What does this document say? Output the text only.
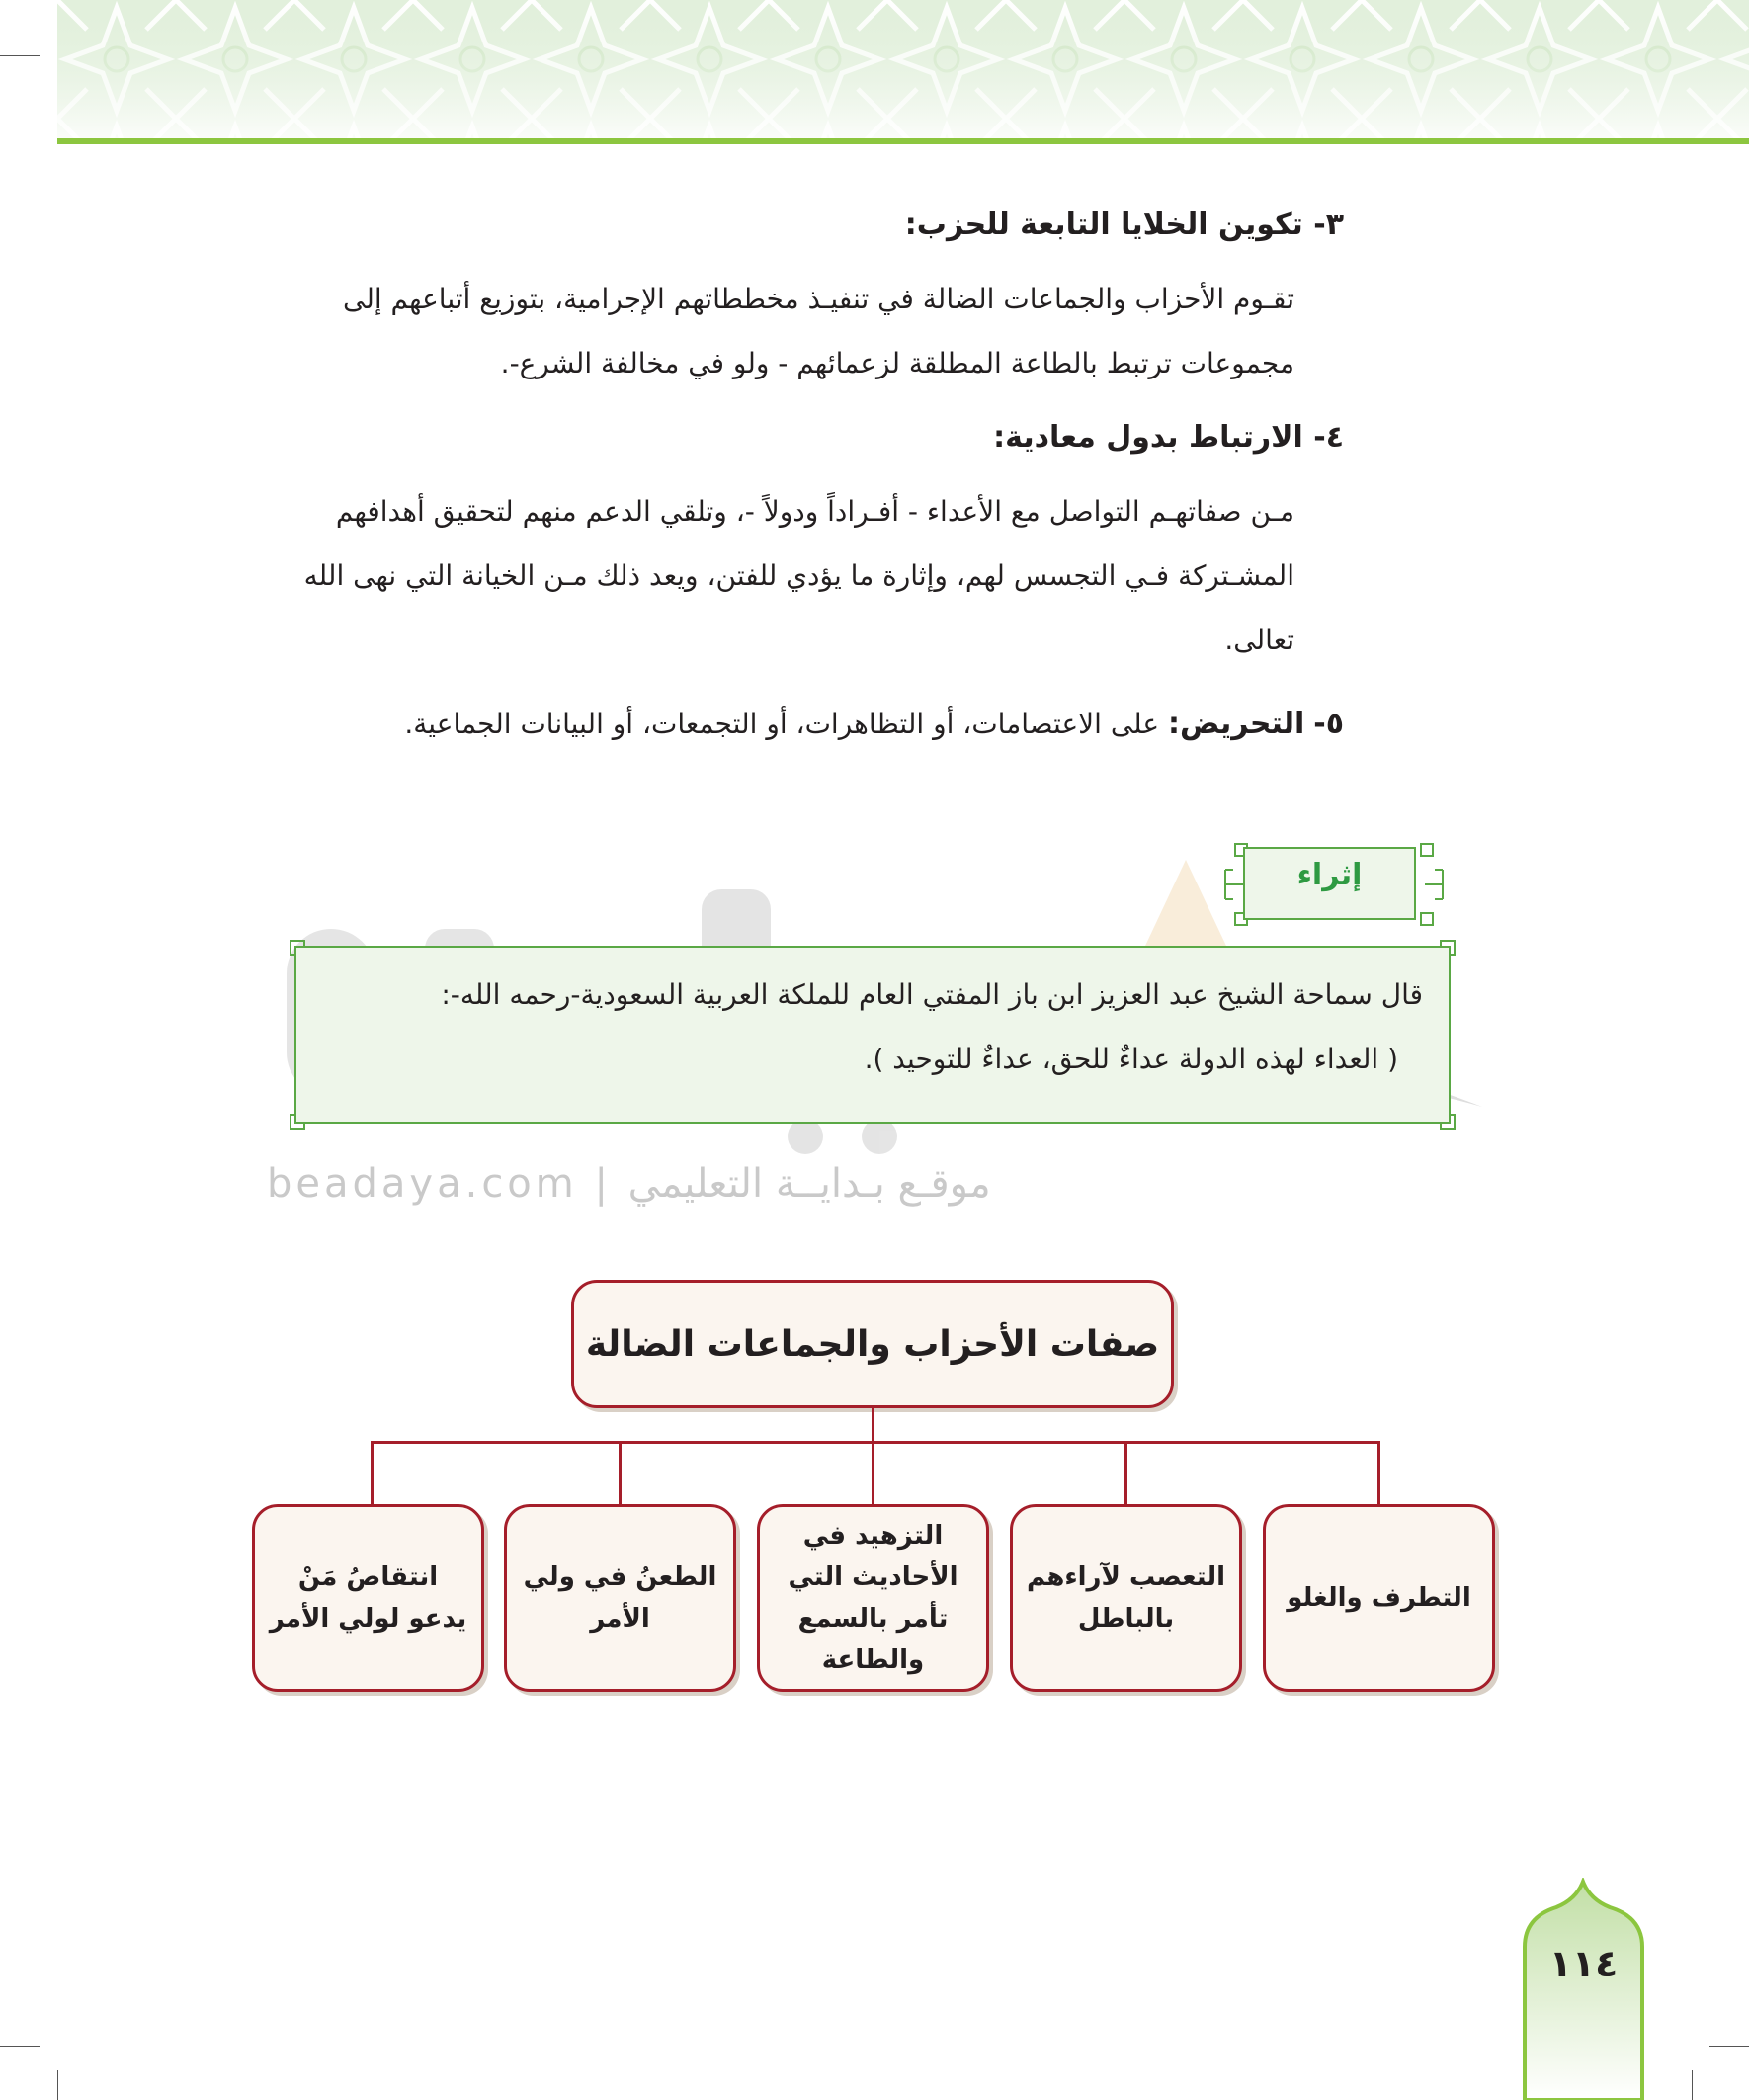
٣- تكوين الخلايا التابعة للحزب:
تقـوم الأحزاب والجماعات الضالة في تنفيـذ مخططاتهم الإجرامية، بتوزيع أتباعهم إلى
مجموعات ترتبط بالطاعة المطلقة لزعمائهم - ولو في مخالفة الشرع-.
٤- الارتباط بدول معادية:
مـن صفاتهـم التواصل مع الأعداء - أفـراداً ودولاً -، وتلقي الدعم منهم لتحقيق أهدافهم
المشـتركة فـي التجسس لهم، وإثارة ما يؤدي للفتن، ويعد ذلك مـن الخيانة التي نهى الله
تعالى.
٥- التحريض: على الاعتصامات، أو التظاهرات، أو التجمعات، أو البيانات الجماعية.
beadaya.com | موقـع بـدايــة التعليمي
إثراء
قال سماحة الشيخ عبد العزيز ابن باز المفتي العام للملكة العربية السعودية-رحمه الله-:
( العداء لهذه الدولة عداءٌ للحق، عداءٌ للتوحيد ).
صفات الأحزاب والجماعات الضالة
التطرف والغلو
التعصب لآراءهم بالباطل
التزهيد في الأحاديث التي تأمر بالسمع والطاعة
الطعنُ في ولي الأمر
انتقاصُ مَنْ يدعو لولي الأمر
١١٤
